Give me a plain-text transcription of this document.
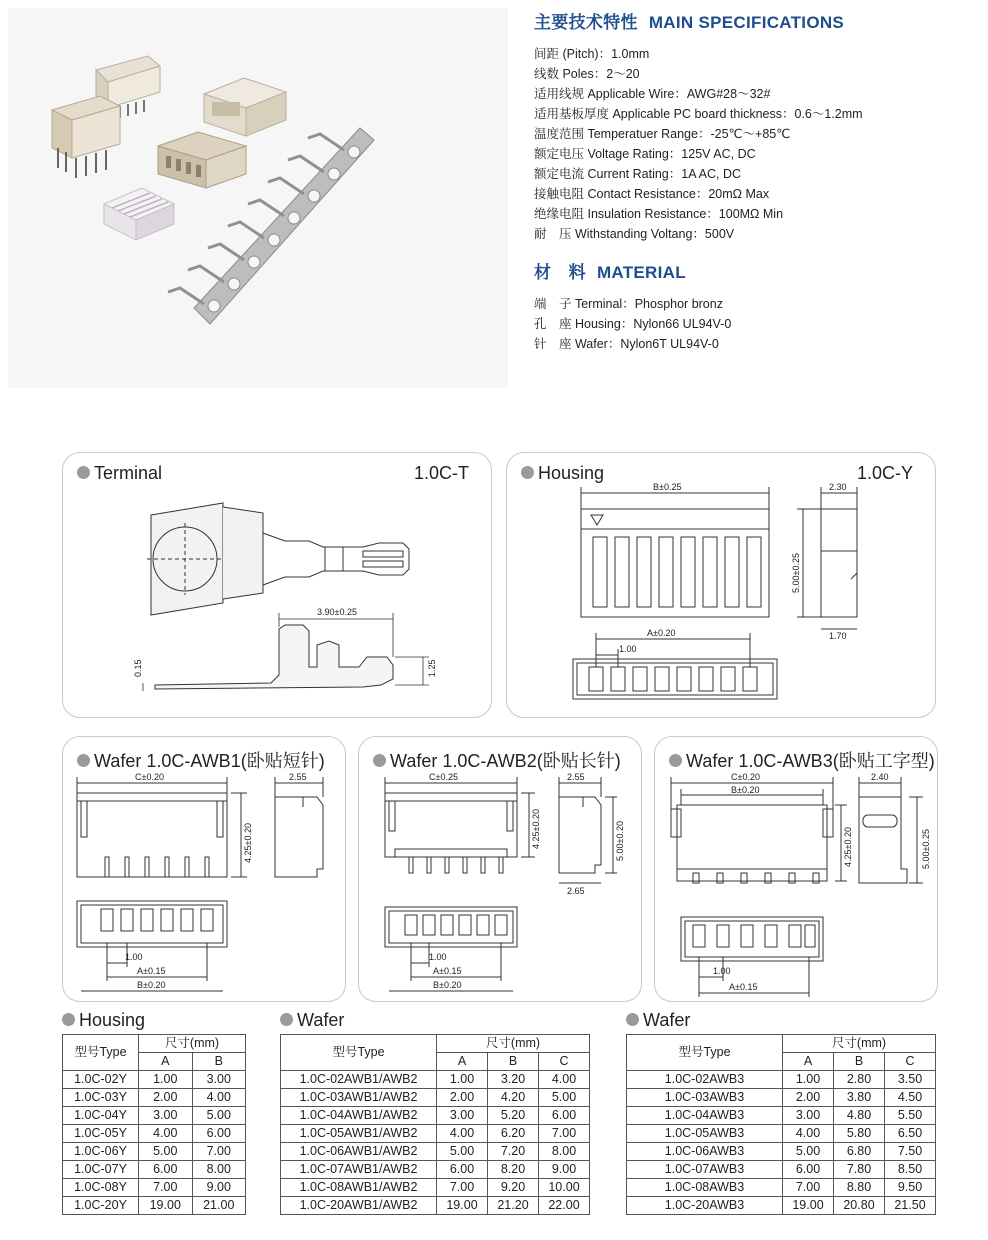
主要技术特性 MAIN SPECIFICATIONS
间距 (Pitch)：1.0mm
线数 Poles：2～20
适用线规 Applicable Wire：AWG#28～32#
适用基板厚度 Applicable PC board thickness：0.6～1.2mm
温度范围 Temperatuer Range：-25℃～+85℃
额定电压 Voltage Rating：125V AC, DC
额定电流 Current Rating：1A AC, DC
接触电阻 Contact Resistance：20mΩ Max
绝缘电阻 Insulation Resistance：100MΩ Min
耐　压 Withstanding Voltang：500V
材　料 MATERIAL
端　子 Terminal：Phosphor bronz
孔　座 Housing：Nylon66 UL94V-0
针　座 Wafer：Nylon6T UL94V-0
3.90±0.25
0.15	1.25
Terminal	1.0C-T
B±0.25	2.30
5.00±0.25
1.70
A±0.20
1.00
Housing	1.0C-Y
C±0.20	2.55
4.25±0.20
1.00
A±0.15
B±0.20
Wafer 1.0C-AWB1(卧贴短针)
C±0.25	2.55
4.25±0.20	5.00±0.20
2.65
1.00
A±0.15
B±0.20
Wafer 1.0C-AWB2(卧贴长针)
C±0.20
B±0.20
2.40
4.25±0.20	5.00±0.25
1.00
A±0.15
Wafer 1.0C-AWB3(卧贴工字型)
Housing
型号Type	尺寸(mm)	
	A	B
1.0C-02Y	1.00	3.00
1.0C-03Y	2.00	4.00
1.0C-04Y	3.00	5.00
1.0C-05Y	4.00	6.00
1.0C-06Y	5.00	7.00
1.0C-07Y	6.00	8.00
1.0C-08Y	7.00	9.00
1.0C-20Y	19.00	21.00
Wafer
型号Type	尺寸(mm)		
	A	B	C
1.0C-02AWB1/AWB2	1.00	3.20	4.00
1.0C-03AWB1/AWB2	2.00	4.20	5.00
1.0C-04AWB1/AWB2	3.00	5.20	6.00
1.0C-05AWB1/AWB2	4.00	6.20	7.00
1.0C-06AWB1/AWB2	5.00	7.20	8.00
1.0C-07AWB1/AWB2	6.00	8.20	9.00
1.0C-08AWB1/AWB2	7.00	9.20	10.00
1.0C-20AWB1/AWB2	19.00	21.20	22.00
Wafer
型号Type	尺寸(mm)		
	A	B	C
1.0C-02AWB3	1.00	2.80	3.50
1.0C-03AWB3	2.00	3.80	4.50
1.0C-04AWB3	3.00	4.80	5.50
1.0C-05AWB3	4.00	5.80	6.50
1.0C-06AWB3	5.00	6.80	7.50
1.0C-07AWB3	6.00	7.80	8.50
1.0C-08AWB3	7.00	8.80	9.50
1.0C-20AWB3	19.00	20.80	21.50
